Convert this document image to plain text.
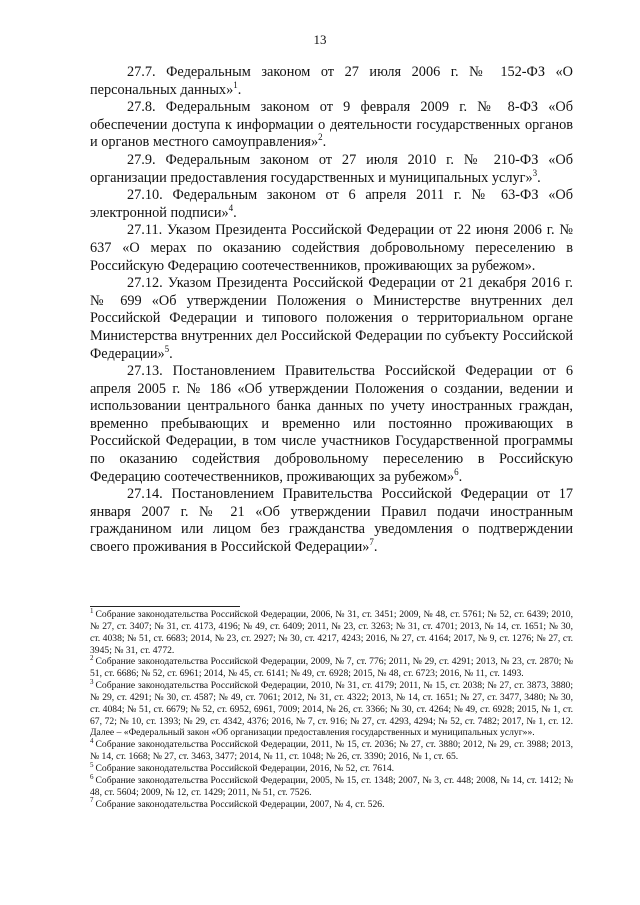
13

27.7. Федеральным законом от 27 июля 2006 г. № 152-ФЗ «О персональных данных»$^1$.

27.8. Федеральным законом от 9 февраля 2009 г. № 8-ФЗ «Об обеспечении доступа к информации о деятельности государственных органов и органов местного самоуправления»$^2$.

27.9. Федеральным законом от 27 июля 2010 г. № 210-ФЗ «Об организации предоставления государственных и муниципальных услуг»$^3$.

27.10. Федеральным законом от 6 апреля 2011 г. № 63-ФЗ «Об электронной подписи»$^4$.

27.11. Указом Президента Российской Федерации от 22 июня 2006 г. № 637 «О мерах по оказанию содействия добровольному переселению в Российскую Федерацию соотечественников, проживающих за рубежом».

27.12. Указом Президента Российской Федерации от 21 декабря 2016 г. № 699 «Об утверждении Положения о Министерстве внутренних дел Российской Федерации и типового положения о территориальном органе Министерства внутренних дел Российской Федерации по субъекту Российской Федерации»$^5$.

27.13. Постановлением Правительства Российской Федерации от 6 апреля 2005 г. № 186 «Об утверждении Положения о создании, ведении и использовании центрального банка данных по учету иностранных граждан, временно пребывающих и временно или постоянно проживающих в Российской Федерации, в том числе участников Государственной программы по оказанию содействия добровольному переселению в Российскую Федерацию соотечественников, проживающих за рубежом»$^6$.

27.14. Постановлением Правительства Российской Федерации от 17 января 2007 г. № 21 «Об утверждении Правил подачи иностранным гражданином или лицом без гражданства уведомления о подтверждении своего проживания в Российской Федерации»$^7$.

$^1$ Собрание законодательства Российской Федерации, 2006, № 31, ст. 3451; 2009, № 48, ст. 5761; № 52, ст. 6439; 2010, № 27, ст. 3407; № 31, ст. 4173, 4196; № 49, ст. 6409; 2011, № 23, ст. 3263; № 31, ст. 4701; 2013, № 14, ст. 1651; № 30, ст. 4038; № 51, ст. 6683; 2014, № 23, ст. 2927; № 30, ст. 4217, 4243; 2016, № 27, ст. 4164; 2017, № 9, ст. 1276; № 27, ст. 3945; № 31, ст. 4772.

$^2$ Собрание законодательства Российской Федерации, 2009, № 7, ст. 776; 2011, № 29, ст. 4291; 2013, № 23, ст. 2870; № 51, ст. 6686; № 52, ст. 6961; 2014, № 45, ст. 6141; № 49, ст. 6928; 2015, № 48, ст. 6723; 2016, № 11, ст. 1493.

$^3$ Собрание законодательства Российской Федерации, 2010, № 31, ст. 4179; 2011, № 15, ст. 2038; № 27, ст. 3873, 3880; № 29, ст. 4291; № 30, ст. 4587; № 49, ст. 7061; 2012, № 31, ст. 4322; 2013, № 14, ст. 1651; № 27, ст. 3477, 3480; № 30, ст. 4084; № 51, ст. 6679; № 52, ст. 6952, 6961, 7009; 2014, № 26, ст. 3366; № 30, ст. 4264; № 49, ст. 6928; 2015, № 1, ст. 67, 72; № 10, ст. 1393; № 29, ст. 4342, 4376; 2016, № 7, ст. 916; № 27, ст. 4293, 4294; № 52, ст. 7482; 2017, № 1, ст. 12. Далее – «Федеральный закон «Об организации предоставления государственных и муниципальных услуг»».

$^4$ Собрание законодательства Российской Федерации, 2011, № 15, ст. 2036; № 27, ст. 3880; 2012, № 29, ст. 3988; 2013, № 14, ст. 1668; № 27, ст. 3463, 3477; 2014, № 11, ст. 1048; № 26, ст. 3390; 2016, № 1, ст. 65.

$^5$ Собрание законодательства Российской Федерации, 2016, № 52, ст. 7614.

$^6$ Собрание законодательства Российской Федерации, 2005, № 15, ст. 1348; 2007, № 3, ст. 448; 2008, № 14, ст. 1412; № 48, ст. 5604; 2009, № 12, ст. 1429; 2011, № 51, ст. 7526.

$^7$ Собрание законодательства Российской Федерации, 2007, № 4, ст. 526.
